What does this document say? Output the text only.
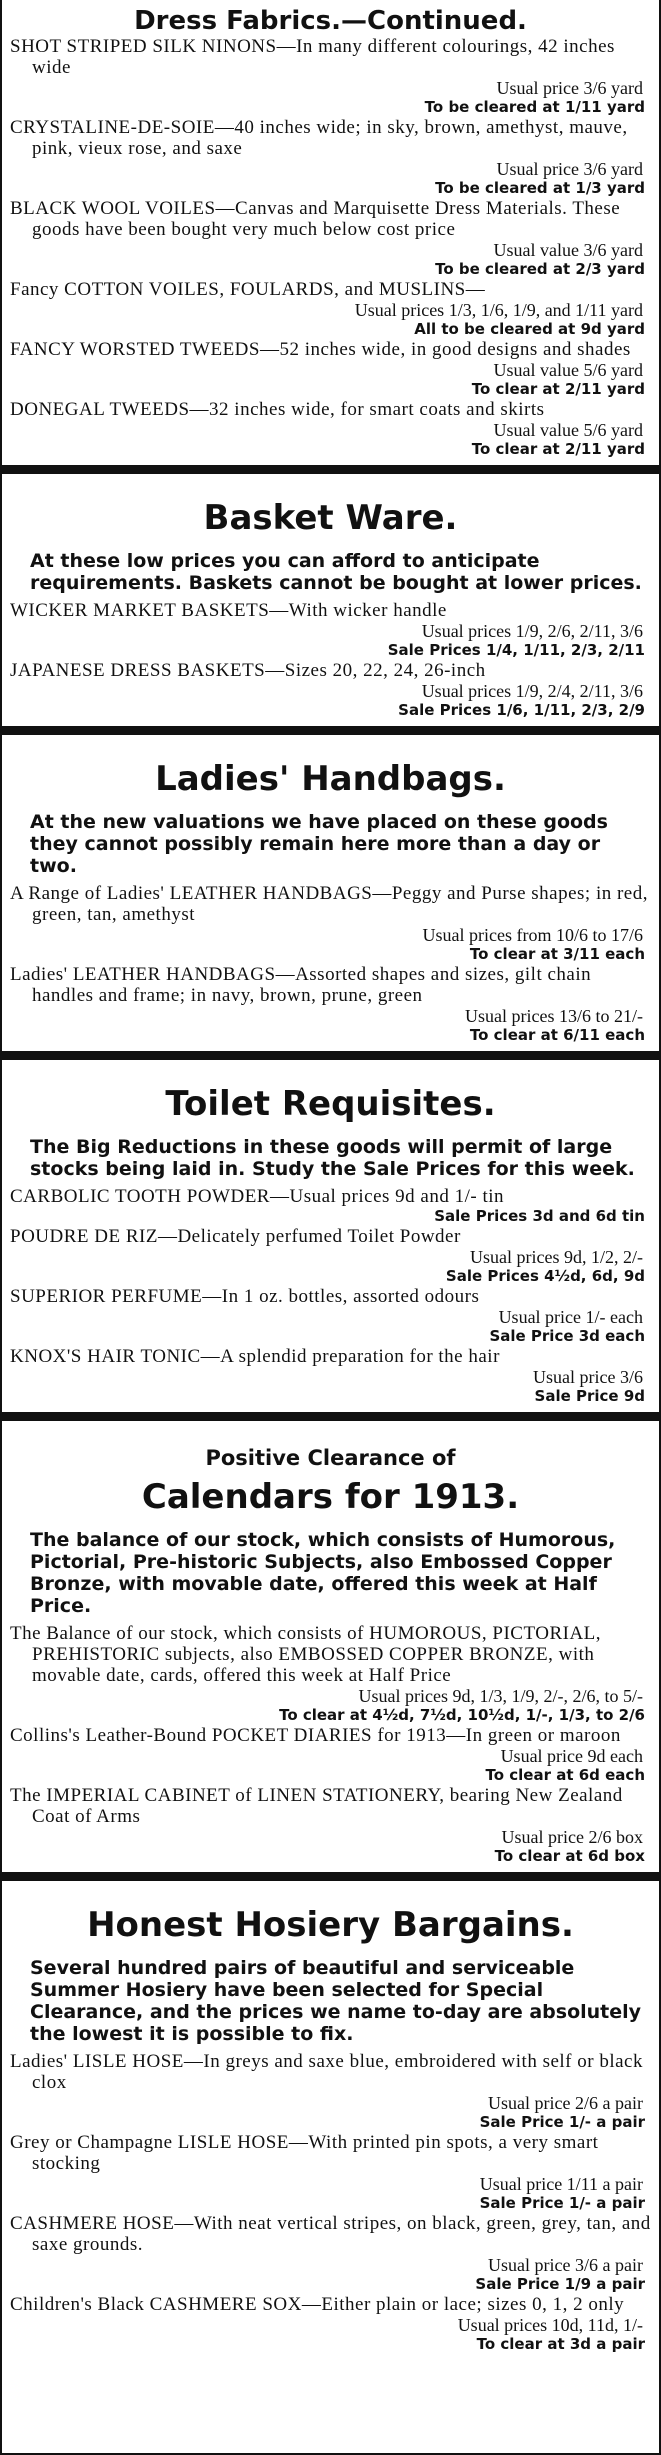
Dress Fabrics.—Continued.
SHOT STRIPED SILK NINONS—In many different colourings, 42 inches wide
Usual price 3/6 yard
To be cleared at 1/11 yard
CRYSTALINE-DE-SOIE—40 inches wide; in sky, brown, amethyst, mauve, pink, vieux rose, and saxe
Usual price 3/6 yard
To be cleared at 1/3 yard
BLACK WOOL VOILES—Canvas and Marquisette Dress Materials. These goods have been bought very much below cost price
Usual value 3/6 yard
To be cleared at 2/3 yard
Fancy COTTON VOILES, FOULARDS, and MUSLINS—
Usual prices 1/3, 1/6, 1/9, and 1/11 yard
All to be cleared at 9d yard
FANCY WORSTED TWEEDS—52 inches wide, in good designs and shades
Usual value 5/6 yard
To clear at 2/11 yard
DONEGAL TWEEDS—32 inches wide, for smart coats and skirts
Usual value 5/6 yard
To clear at 2/11 yard
Basket Ware.
At these low prices you can afford to anticipate requirements. Baskets cannot be bought at lower prices.
WICKER MARKET BASKETS—With wicker handle
Usual prices 1/9, 2/6, 2/11, 3/6
Sale Prices 1/4, 1/11, 2/3, 2/11
JAPANESE DRESS BASKETS—Sizes 20, 22, 24, 26-inch
Usual prices 1/9, 2/4, 2/11, 3/6
Sale Prices 1/6, 1/11, 2/3, 2/9
Ladies' Handbags.
At the new valuations we have placed on these goods they cannot possibly remain here more than a day or two.
A Range of Ladies' LEATHER HANDBAGS—Peggy and Purse shapes; in red, green, tan, amethyst
Usual prices from 10/6 to 17/6
To clear at 3/11 each
Ladies' LEATHER HANDBAGS—Assorted shapes and sizes, gilt chain handles and frame; in navy, brown, prune, green
Usual prices 13/6 to 21/-
To clear at 6/11 each
Toilet Requisites.
The Big Reductions in these goods will permit of large stocks being laid in. Study the Sale Prices for this week.
CARBOLIC TOOTH POWDER—Usual prices 9d and 1/- tin
Sale Prices 3d and 6d tin
POUDRE DE RIZ—Delicately perfumed Toilet Powder
Usual prices 9d, 1/2, 2/-
Sale Prices 4½d, 6d, 9d
SUPERIOR PERFUME—In 1 oz. bottles, assorted odours
Usual price 1/- each
Sale Price 3d each
KNOX'S HAIR TONIC—A splendid preparation for the hair
Usual price 3/6
Sale Price 9d
Positive Clearance of
Calendars for 1913.
The balance of our stock, which consists of Humorous, Pictorial, Pre-historic Subjects, also Embossed Copper Bronze, with movable date, offered this week at Half Price.
The Balance of our stock, which consists of HUMOROUS, PICTORIAL, PREHISTORIC subjects, also EMBOSSED COPPER BRONZE, with movable date, cards, offered this week at Half Price
Usual prices 9d, 1/3, 1/9, 2/-, 2/6, to 5/-
To clear at 4½d, 7½d, 10½d, 1/-, 1/3, to 2/6
Collins's Leather-Bound POCKET DIARIES for 1913—In green or maroon
Usual price 9d each
To clear at 6d each
The IMPERIAL CABINET of LINEN STATIONERY, bearing New Zealand Coat of Arms
Usual price 2/6 box
To clear at 6d box
Honest Hosiery Bargains.
Several hundred pairs of beautiful and serviceable Summer Hosiery have been selected for Special Clearance, and the prices we name to-day are absolutely the lowest it is possible to fix.
Ladies' LISLE HOSE—In greys and saxe blue, embroidered with self or black clox
Usual price 2/6 a pair
Sale Price 1/- a pair
Grey or Champagne LISLE HOSE—With printed pin spots, a very smart stocking
Usual price 1/11 a pair
Sale Price 1/- a pair
CASHMERE HOSE—With neat vertical stripes, on black, green, grey, tan, and saxe grounds.
Usual price 3/6 a pair
Sale Price 1/9 a pair
Children's Black CASHMERE SOX—Either plain or lace; sizes 0, 1, 2 only
Usual prices 10d, 11d, 1/-
To clear at 3d a pair
